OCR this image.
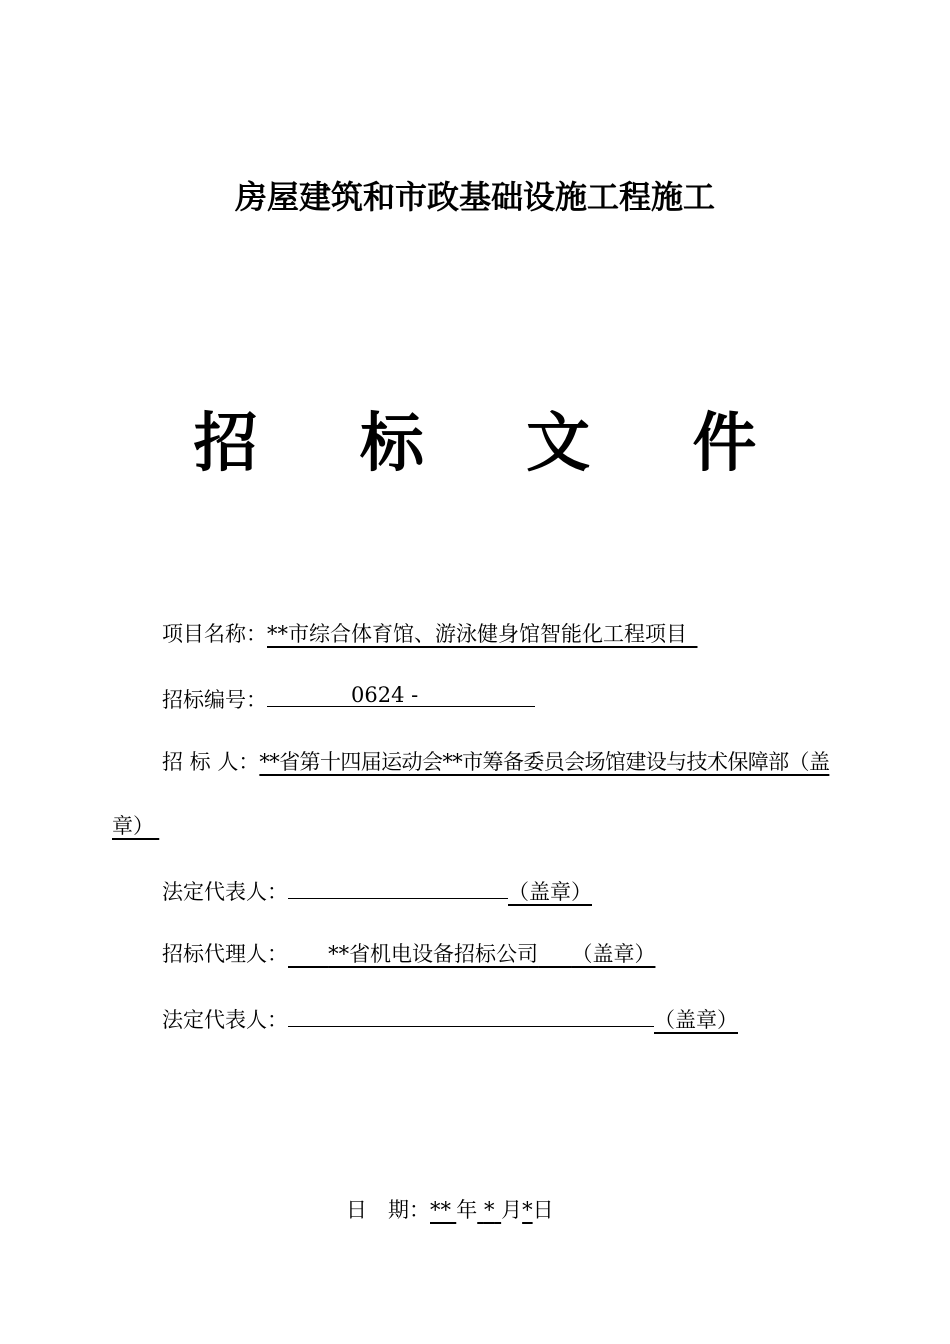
房屋建筑和市政基础设施工程施工
招 标 文 件
项目名称：**市综合体育馆、游泳健身馆智能化工程项目 
招标编号：	0624 -
招 标 人：**省第十四届运动会**市筹备委员会场馆建设与技术保障部（盖
章） 
法定代表人：	（盖章）
招标代理人： **省机电设备招标公司 （盖章）
法定代表人：	（盖章）
日　期：**  年 * 月*日
